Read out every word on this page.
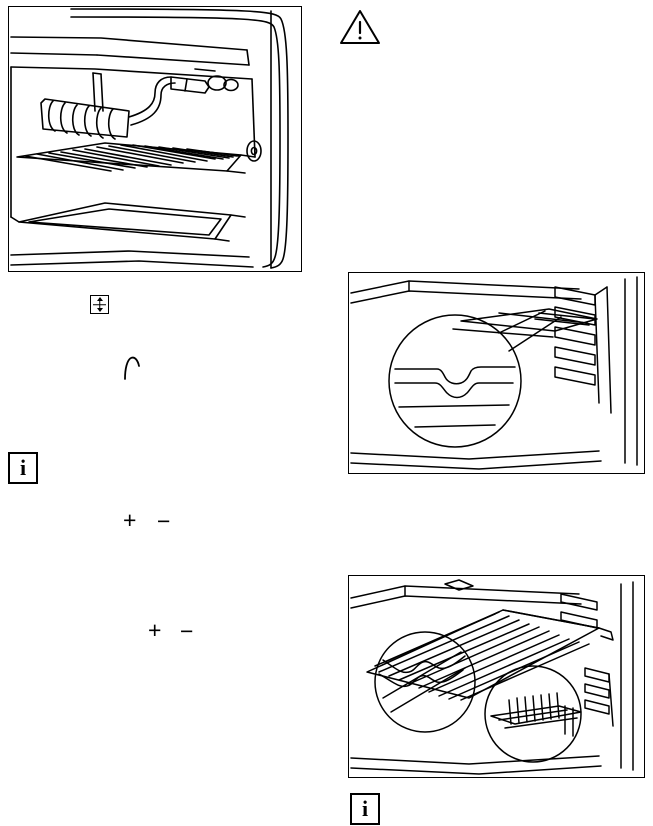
i
+ −
+ −
i
